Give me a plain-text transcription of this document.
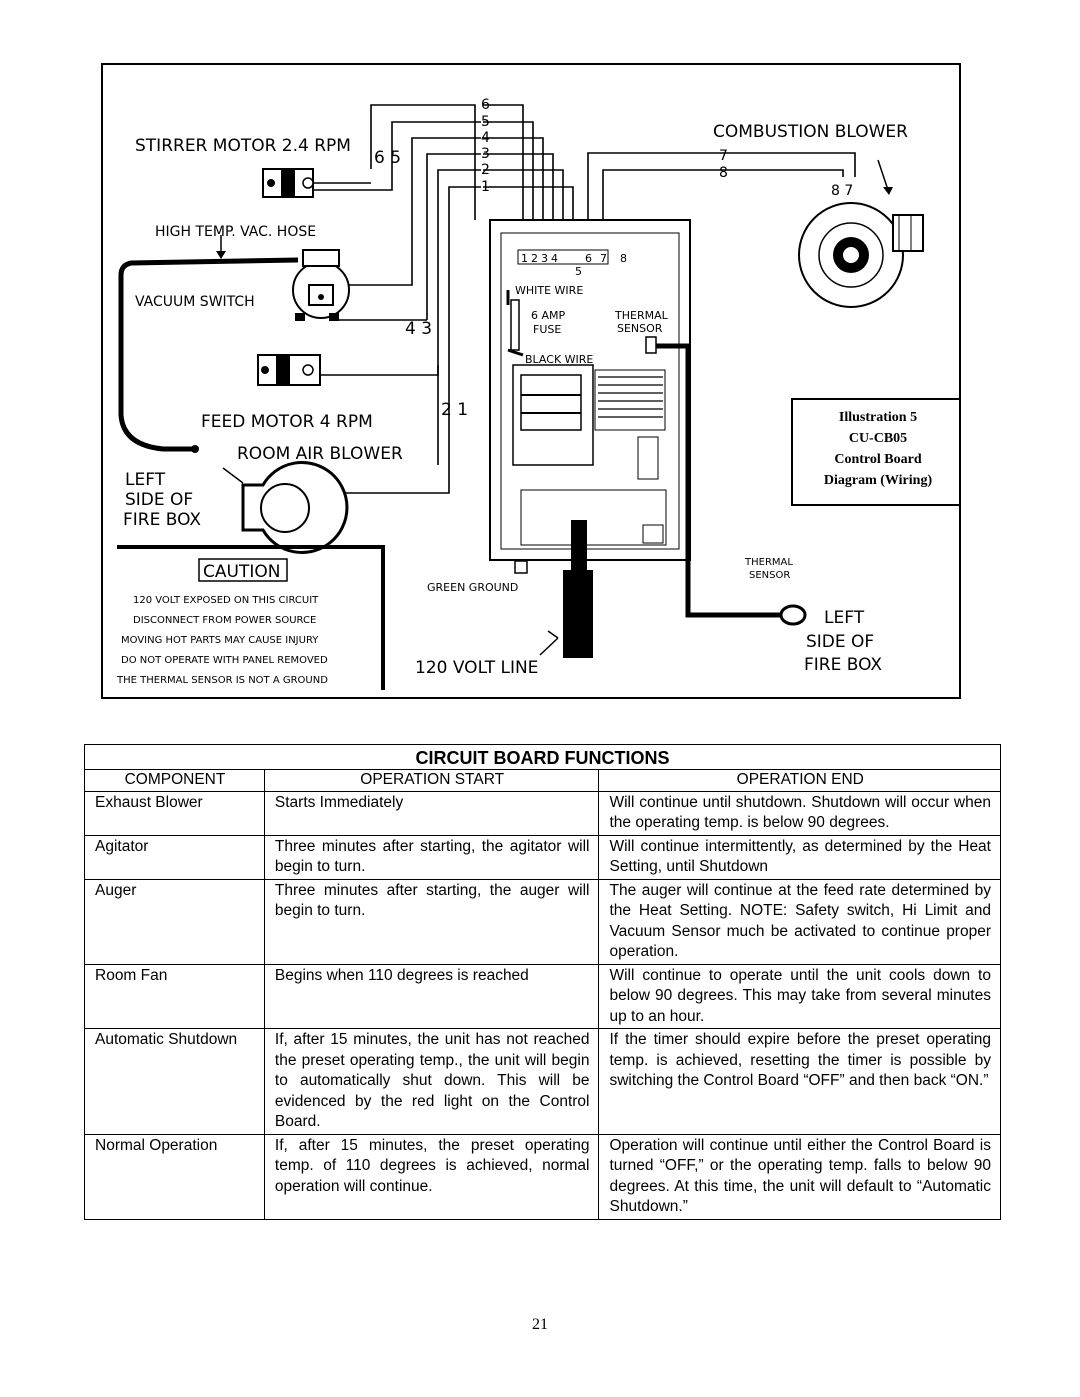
STIRRER MOTOR 2.4 RPM
6 5
COMBUSTION BLOWER
HIGH TEMP. VAC. HOSE
VACUUM SWITCH
4 3
FEED MOTOR 4 RPM
2 1
ROOM AIR BLOWER
LEFT
SIDE OF
FIRE BOX
LEFT
SIDE OF
FIRE BOX
WHITE WIRE
6 AMP
FUSE
BLACK WIRE
THERMAL
SENSOR
THERMAL
SENSOR
GREEN GROUND
120 VOLT LINE
7
8
8 7
6
5
4
3
2
1
1 2 3 4
5
6 7 8
CAUTION
120 VOLT EXPOSED ON THIS CIRCUIT
DISCONNECT FROM POWER SOURCE
MOVING HOT PARTS MAY CAUSE INJURY
DO NOT OPERATE WITH PANEL REMOVED
THE THERMAL SENSOR IS NOT A GROUND
Illustration 5
CU-CB05
Control Board
Diagram (Wiring)
CIRCUIT BOARD FUNCTIONS
COMPONENT	OPERATION START	OPERATION END
Exhaust Blower	Starts Immediately	Will continue until shutdown. Shutdown will occur when the operating temp. is below 90 degrees.
Agitator	Three minutes after starting, the agitator will begin to turn.	Will continue intermittently, as determined by the Heat Setting, until Shutdown
Auger	Three minutes after starting, the auger will begin to turn.	The auger will continue at the feed rate determined by the Heat Setting. NOTE: Safety switch, Hi Limit and Vacuum Sensor much be activated to continue proper operation.
Room Fan	Begins when 110 degrees is reached	Will continue to operate until the unit cools down to below 90 degrees. This may take from several minutes up to an hour.
Automatic Shutdown	If, after 15 minutes, the unit has not reached the preset operating temp., the unit will begin to automatically shut down. This will be evidenced by the red light on the Control Board.	If the timer should expire before the preset operating temp. is achieved, resetting the timer is possible by switching the Control Board “OFF” and then back “ON.”
Normal Operation	If, after 15 minutes, the preset operating temp. of 110 degrees is achieved, normal operation will continue.	Operation will continue until either the Control Board is turned “OFF,” or the operating temp. falls to below 90 degrees. At this time, the unit will default to “Automatic Shutdown.”
21
